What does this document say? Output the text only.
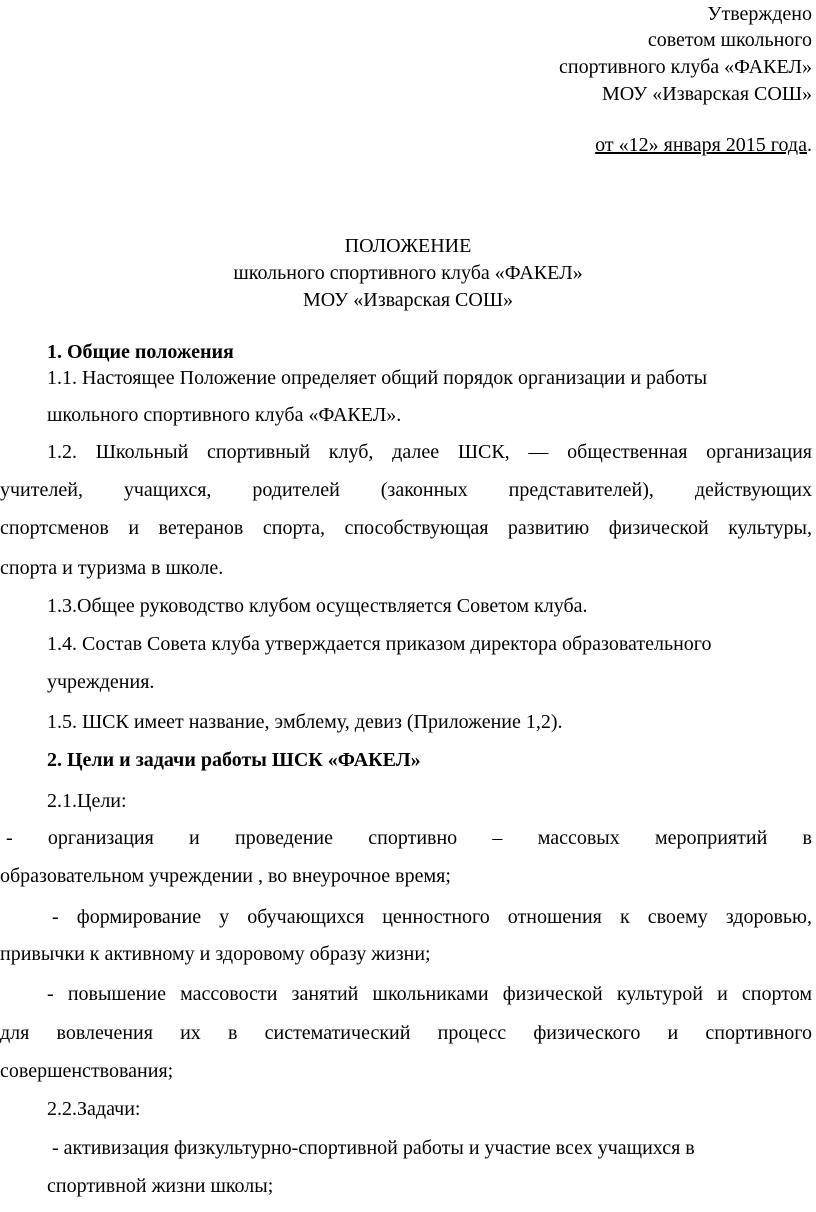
Утверждено
советом школьного
спортивного клуба «ФАКЕЛ»
МОУ «Изварская СОШ»
от «12» января 2015 года.
ПОЛОЖЕНИЕ
школьного спортивного клуба «ФАКЕЛ»
МОУ «Изварская СОШ»
1. Общие положения
1.1. Настоящее Положение определяет общий порядок организации и работы
школьного спортивного клуба «ФАКЕЛ».
1.2. Школьный спортивный клуб, далее ШСК, — общественная организация
учителей, учащихся, родителей (законных представителей), действующих
спортсменов и ветеранов спорта, способствующая развитию физической культуры,
спорта и туризма в школе.
1.3.Общее руководство клубом осуществляется Советом клуба.
1.4. Состав Совета клуба утверждается приказом директора образовательного
учреждения.
1.5. ШСК имеет название, эмблему, девиз (Приложение 1,2).
2. Цели и задачи работы ШСК «ФАКЕЛ»
2.1.Цели:
- организация и проведение спортивно – массовых мероприятий в
образовательном учреждении , во внеурочное время;
- формирование у обучающихся ценностного отношения к своему здоровью,
привычки к активному и здоровому образу жизни;
- повышение массовости занятий школьниками физической культурой и спортом
для вовлечения их в систематический процесс физического и спортивного
совершенствования;
2.2.Задачи:
- активизация физкультурно-спортивной работы и участие всех учащихся в
спортивной жизни школы;
